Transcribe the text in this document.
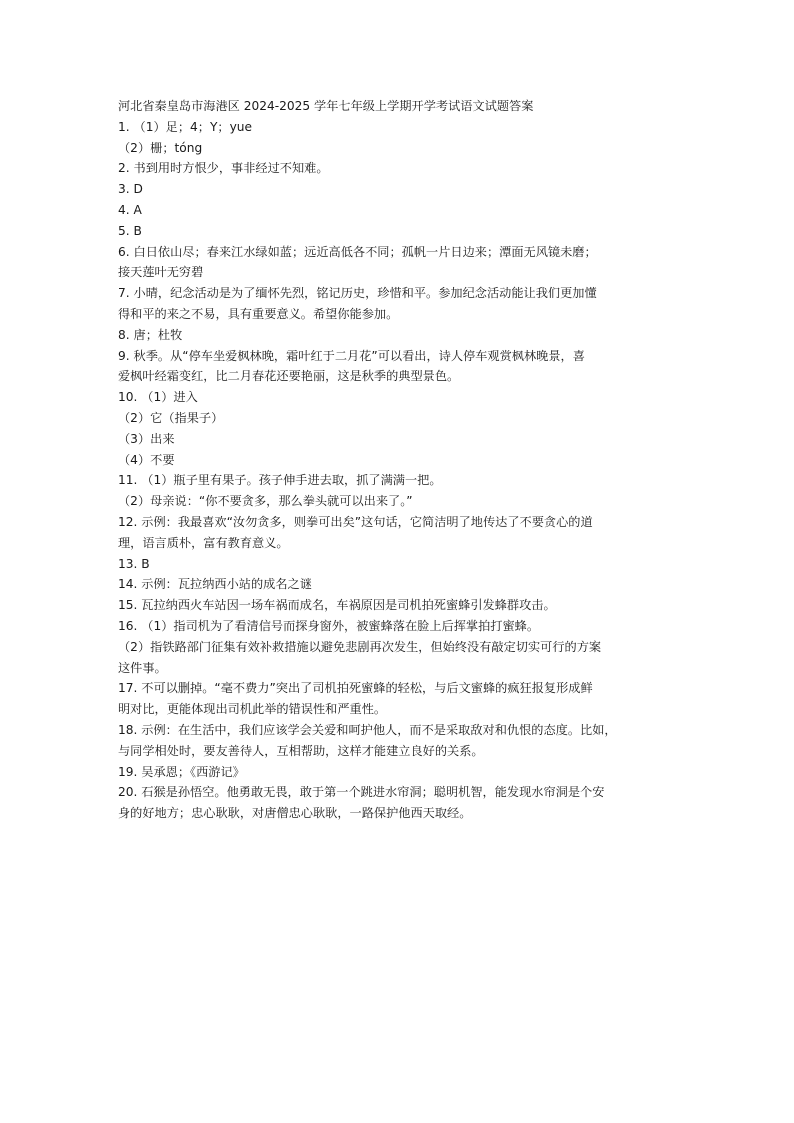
河北省秦皇岛市海港区 2024-2025 学年七年级上学期开学考试语文试题答案
1. （1）足；4；Y；yue
（2）栅；tóng
2. 书到用时方恨少，事非经过不知难。
3. D
4. A
5. B
6. 白日依山尽；春来江水绿如蓝；远近高低各不同；孤帆一片日边来；潭面无风镜未磨；
接天莲叶无穷碧
7. 小晴，纪念活动是为了缅怀先烈，铭记历史，珍惜和平。参加纪念活动能让我们更加懂
得和平的来之不易，具有重要意义。希望你能参加。
8. 唐；杜牧
9. 秋季。从“停车坐爱枫林晚，霜叶红于二月花”可以看出，诗人停车观赏枫林晚景，喜
爱枫叶经霜变红，比二月春花还要艳丽，这是秋季的典型景色。
10. （1）进入
（2）它（指果子）
（3）出来
（4）不要
11. （1）瓶子里有果子。孩子伸手进去取，抓了满满一把。
（2）母亲说：“你不要贪多，那么拳头就可以出来了。”
12. 示例：我最喜欢“汝勿贪多，则拳可出矣”这句话，它简洁明了地传达了不要贪心的道
理，语言质朴，富有教育意义。
13. B
14. 示例：瓦拉纳西小站的成名之谜
15. 瓦拉纳西火车站因一场车祸而成名，车祸原因是司机拍死蜜蜂引发蜂群攻击。
16. （1）指司机为了看清信号而探身窗外，被蜜蜂落在脸上后挥掌拍打蜜蜂。
（2）指铁路部门征集有效补救措施以避免悲剧再次发生，但始终没有敲定切实可行的方案
这件事。
17. 不可以删掉。“毫不费力”突出了司机拍死蜜蜂的轻松，与后文蜜蜂的疯狂报复形成鲜
明对比，更能体现出司机此举的错误性和严重性。
18. 示例：在生活中，我们应该学会关爱和呵护他人，而不是采取敌对和仇恨的态度。比如，
与同学相处时，要友善待人，互相帮助，这样才能建立良好的关系。
19. 吴承恩；《西游记》
20. 石猴是孙悟空。他勇敢无畏，敢于第一个跳进水帘洞；聪明机智，能发现水帘洞是个安
身的好地方；忠心耿耿，对唐僧忠心耿耿，一路保护他西天取经。
